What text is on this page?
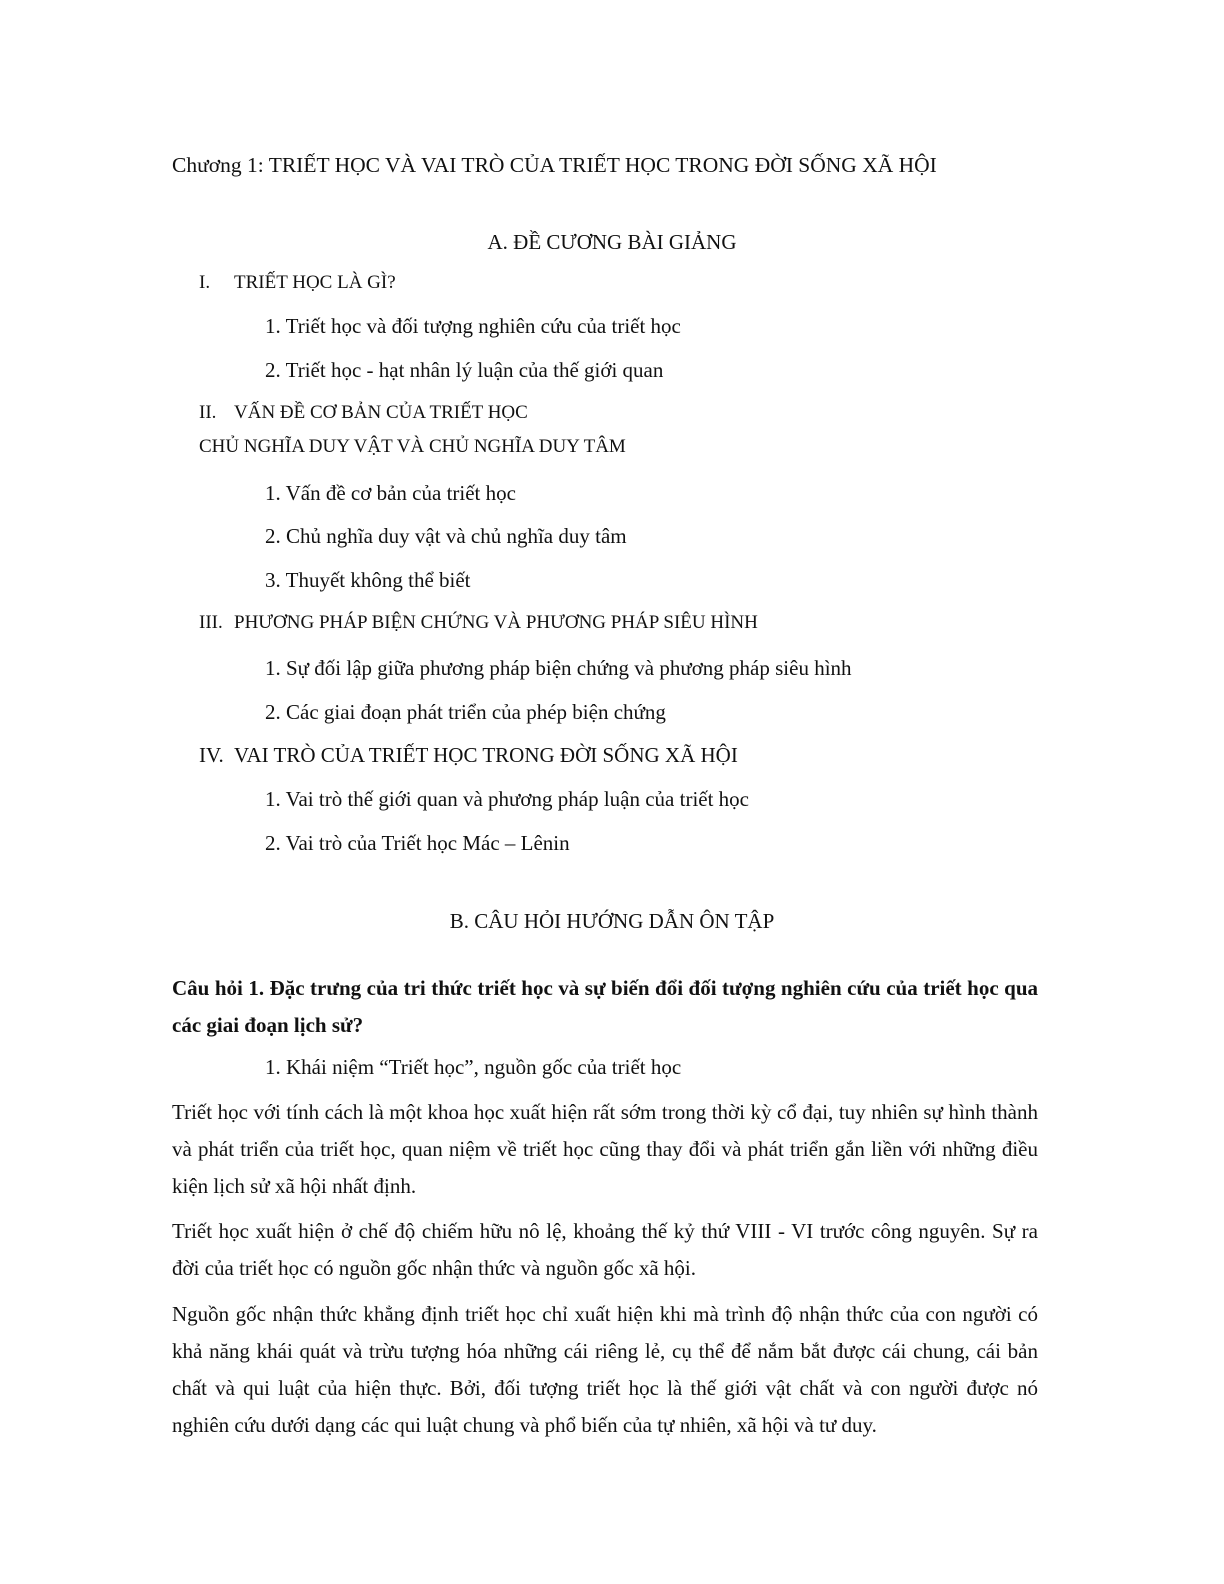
Chương 1: TRIẾT HỌC VÀ VAI TRÒ CỦA TRIẾT HỌC TRONG ĐỜI SỐNG XÃ HỘI
A. ĐỀ CƯƠNG BÀI GIẢNG
I. TRIẾT HỌC LÀ GÌ?
1. Triết học và đối tượng nghiên cứu của triết học
2. Triết học - hạt nhân lý luận của thế giới quan
II. VẤN ĐỀ CƠ BẢN CỦA TRIẾT HỌC
CHỦ NGHĨA DUY VẬT VÀ CHỦ NGHĨA DUY TÂM
1. Vấn đề cơ bản của triết học
2. Chủ nghĩa duy vật và chủ nghĩa duy tâm
3. Thuyết không thể biết
III. PHƯƠNG PHÁP BIỆN CHỨNG VÀ PHƯƠNG PHÁP SIÊU HÌNH
1. Sự đối lập giữa phương pháp biện chứng và phương pháp siêu hình
2. Các giai đoạn phát triển của phép biện chứng
IV. VAI TRÒ CỦA TRIẾT HỌC TRONG ĐỜI SỐNG XÃ HỘI
1. Vai trò thế giới quan và phương pháp luận của triết học
2. Vai trò của Triết học Mác – Lênin
B. CÂU HỎI HƯỚNG DẪN ÔN TẬP
Câu hỏi 1. Đặc trưng của tri thức triết học và sự biến đổi đối tượng nghiên cứu của triết học qua các giai đoạn lịch sử?
1. Khái niệm “Triết học”, nguồn gốc của triết học
Triết học với tính cách là một khoa học xuất hiện rất sớm trong thời kỳ cổ đại, tuy nhiên sự hình thành và phát triển của triết học, quan niệm về triết học cũng thay đổi và phát triển gắn liền với những điều kiện lịch sử xã hội nhất định.
Triết học xuất hiện ở chế độ chiếm hữu nô lệ, khoảng thế kỷ thứ VIII - VI trước công nguyên. Sự ra đời của triết học có nguồn gốc nhận thức và nguồn gốc xã hội.
Nguồn gốc nhận thức khẳng định triết học chỉ xuất hiện khi mà trình độ nhận thức của con người có khả năng khái quát và trừu tượng hóa những cái riêng lẻ, cụ thể để nắm bắt được cái chung, cái bản chất và qui luật của hiện thực. Bởi, đối tượng triết học là thế giới vật chất và con người được nó nghiên cứu dưới dạng các qui luật chung và phổ biến của tự nhiên, xã hội và tư duy.
